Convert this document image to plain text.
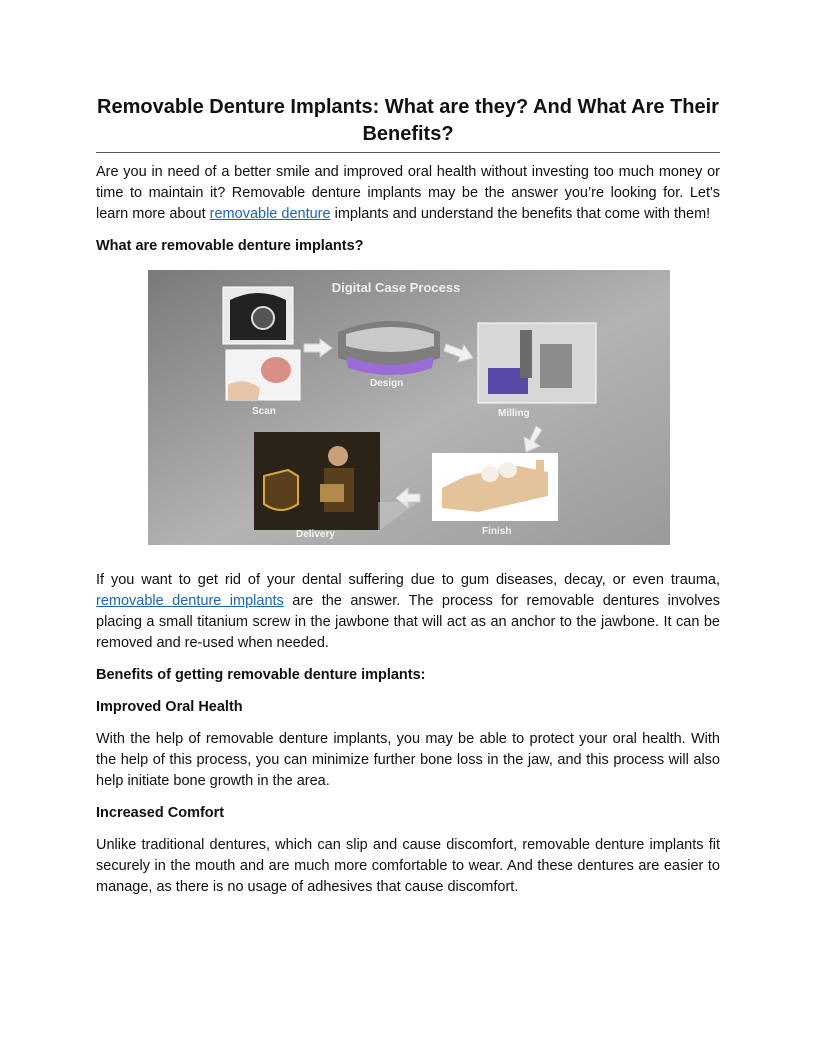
Removable Denture Implants: What are they? And What Are Their Benefits?

Are you in need of a better smile and improved oral health without investing too much money or time to maintain it? Removable denture implants may be the answer you’re looking for. Let's learn more about removable denture implants and understand the benefits that come with them!

What are removable denture implants?
Digital Case Process
Scan
Design
Milling
Finish
Delivery

If you want to get rid of your dental suffering due to gum diseases, decay, or even trauma, removable denture implants are the answer. The process for removable dentures involves placing a small titanium screw in the jawbone that will act as an anchor to the jawbone. It can be removed and re-used when needed.

Benefits of getting removable denture implants:
Improved Oral Health

With the help of removable denture implants, you may be able to protect your oral health. With the help of this process, you can minimize further bone loss in the jaw, and this process will also help initiate bone growth in the area.

Increased Comfort

Unlike traditional dentures, which can slip and cause discomfort, removable denture implants fit securely in the mouth and are much more comfortable to wear. And these dentures are easier to manage, as there is no usage of adhesives that cause discomfort.
